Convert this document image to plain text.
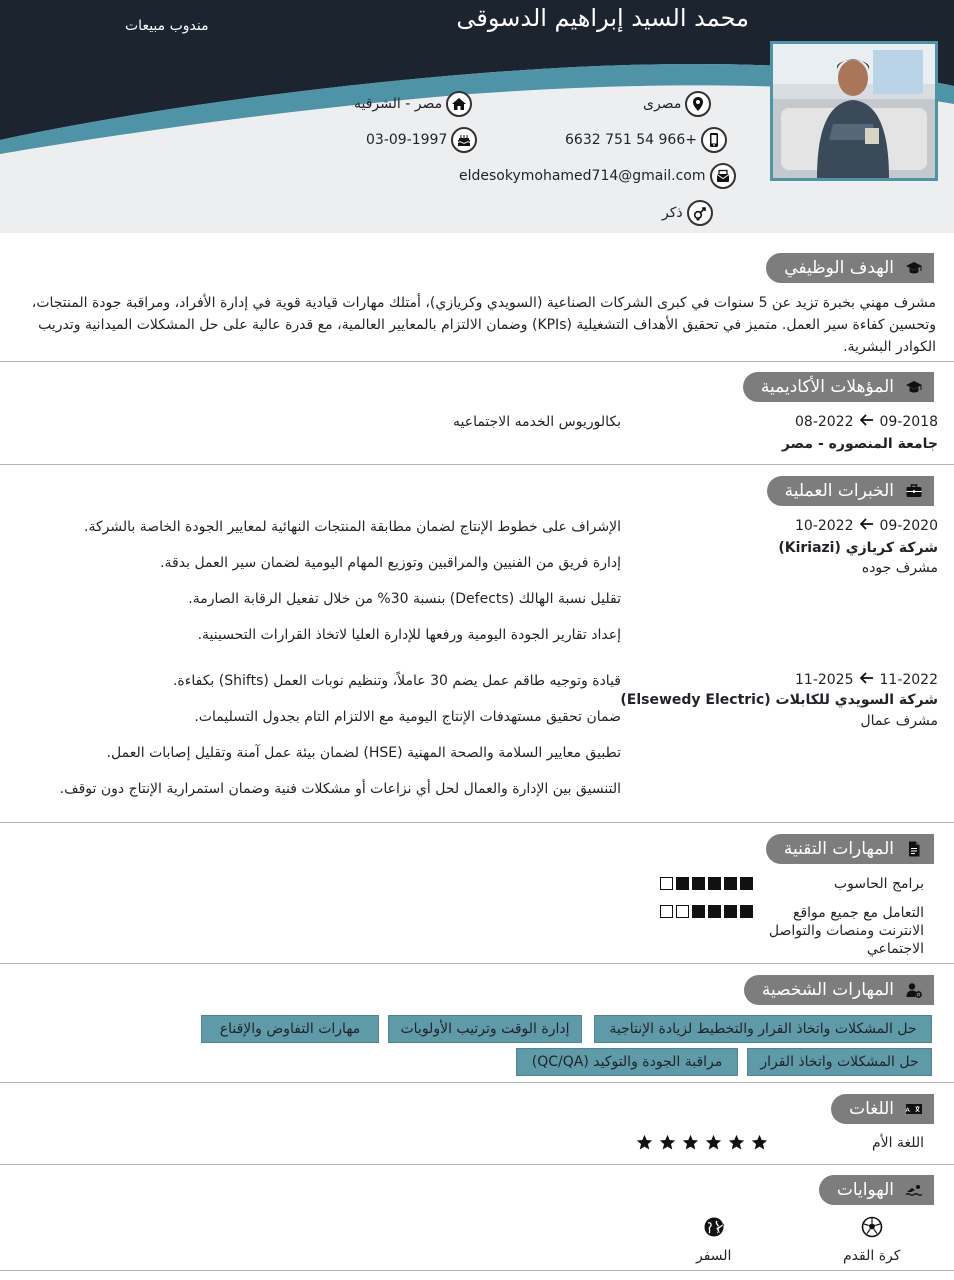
محمد السيد إبراهيم الدسوقى
مندوب مبيعات
مصرى
مصر - الشرقيه
6632 751 54 966+
03-09-1997
eldesokymohamed714@gmail.com
ذكر
الهدف الوظيفي
مشرف مهني بخبرة تزيد عن 5 سنوات في كبرى الشركات الصناعية (السويدي وكريازي)، أمتلك مهارات قيادية قوية في إدارة الأفراد، ومراقبة جودة المنتجات، وتحسين كفاءة سير العمل. متميز في تحقيق الأهداف التشغيلية (KPIs) وضمان الالتزام بالمعايير العالمية، مع قدرة عالية على حل المشكلات الميدانية وتدريب الكوادر البشرية.
المؤهلات الأكاديمية
08-2022 09-2018
جامعة المنصوره - مصر
بكالوريوس الخدمه الاجتماعيه
الخبرات العملية
10-2022 09-2020
شركة كريازي (Kiriazi)
مشرف جوده
الإشراف على خطوط الإنتاج لضمان مطابقة المنتجات النهائية لمعايير الجودة الخاصة بالشركة.
إدارة فريق من الفنيين والمراقبين وتوزيع المهام اليومية لضمان سير العمل بدقة.
تقليل نسبة الهالك (Defects) بنسبة 30% من خلال تفعيل الرقابة الصارمة.
إعداد تقارير الجودة اليومية ورفعها للإدارة العليا لاتخاذ القرارات التحسينية.
11-2025 11-2022
شركة السويدي للكابلات (Elsewedy Electric)
مشرف عمال
قيادة وتوجيه طاقم عمل يضم 30 عاملاً، وتنظيم نوبات العمل (Shifts) بكفاءة.
ضمان تحقيق مستهدفات الإنتاج اليومية مع الالتزام التام بجدول التسليمات.
تطبيق معايير السلامة والصحة المهنية (HSE) لضمان بيئة عمل آمنة وتقليل إصابات العمل.
التنسيق بين الإدارة والعمال لحل أي نزاعات أو مشكلات فنية وضمان استمرارية الإنتاج دون توقف.
المهارات التقنية
برامج الحاسوب
التعامل مع جميع مواقع الانترنت ومنصات والتواصل الاجتماعي
المهارات الشخصية
حل المشكلات واتخاذ القرار والتخطيط لزيادة الإنتاجية
إدارة الوقت وترتيب الأولويات
مهارات التفاوض والإقناع
حل المشكلات واتخاذ القرار
مراقبة الجودة والتوكيد (QC/QA)
A
اللغات
اللغة الأم
الهوايات
كرة القدم
السفر
